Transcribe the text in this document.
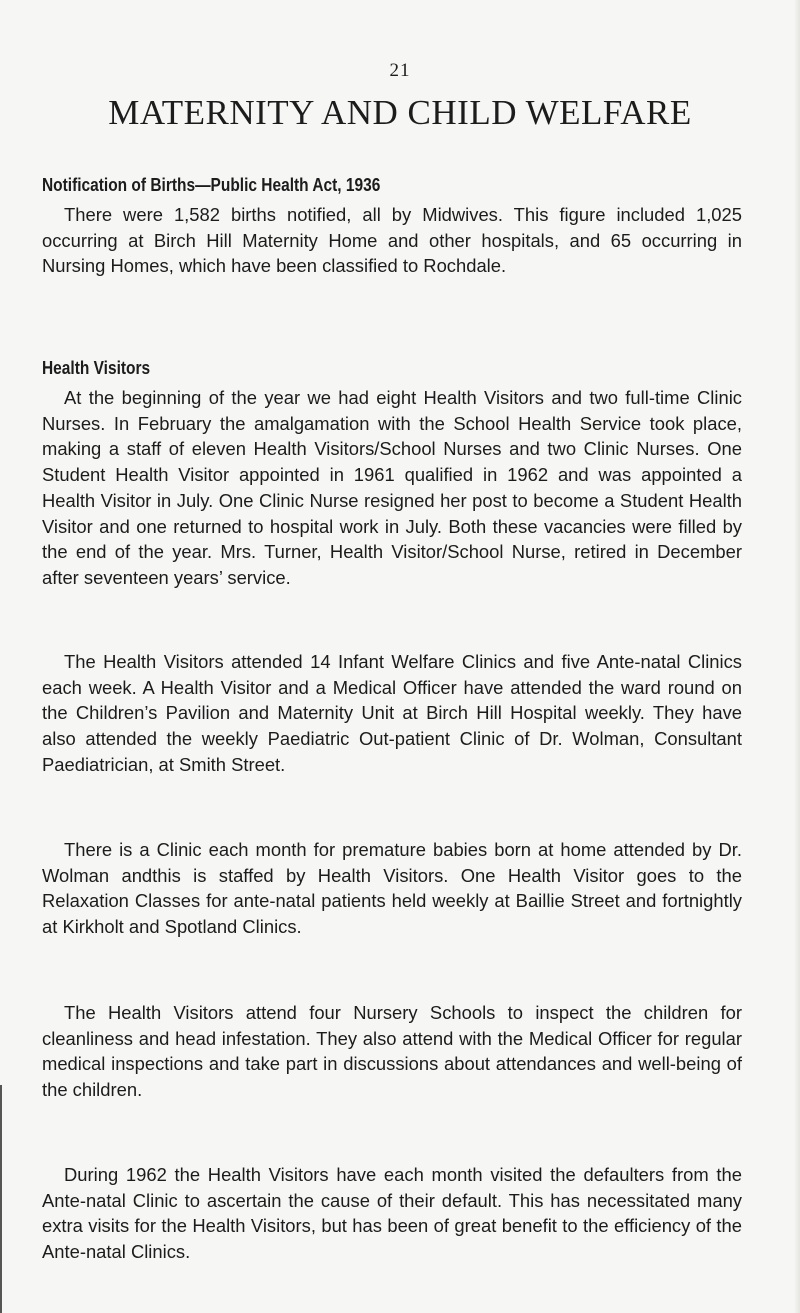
21
MATERNITY AND CHILD WELFARE
Notification of Births—Public Health Act, 1936
There were 1,582 births notified, all by Midwives. This figure included 1,025 occurring at Birch Hill Maternity Home and other hospitals, and 65 occurring in Nursing Homes, which have been classified to Rochdale.
Health Visitors
At the beginning of the year we had eight Health Visitors and two full-time Clinic Nurses. In February the amalgamation with the School Health Service took place, making a staff of eleven Health Visitors/School Nurses and two Clinic Nurses. One Student Health Visitor appointed in 1961 qualified in 1962 and was appointed a Health Visitor in July. One Clinic Nurse resigned her post to become a Student Health Visitor and one returned to hospital work in July. Both these vacancies were filled by the end of the year. Mrs. Turner, Health Visitor/School Nurse, retired in December after seventeen years’ service.
The Health Visitors attended 14 Infant Welfare Clinics and five Ante-natal Clinics each week. A Health Visitor and a Medical Officer have attended the ward round on the Children’s Pavilion and Maternity Unit at Birch Hill Hospital weekly. They have also attended the weekly Paediatric Out-patient Clinic of Dr. Wolman, Consultant Paediatrician, at Smith Street.
There is a Clinic each month for premature babies born at home attended by Dr. Wolman andthis is staffed by Health Visitors. One Health Visitor goes to the Relaxation Classes for ante-natal patients held weekly at Baillie Street and fortnightly at Kirkholt and Spotland Clinics.
The Health Visitors attend four Nursery Schools to inspect the children for cleanliness and head infestation. They also attend with the Medical Officer for regular medical inspections and take part in discussions about attendances and well-being of the children.
During 1962 the Health Visitors have each month visited the defaulters from the Ante-natal Clinic to ascertain the cause of their default. This has necessitated many extra visits for the Health Visitors, but has been of great benefit to the efficiency of the Ante-natal Clinics.
